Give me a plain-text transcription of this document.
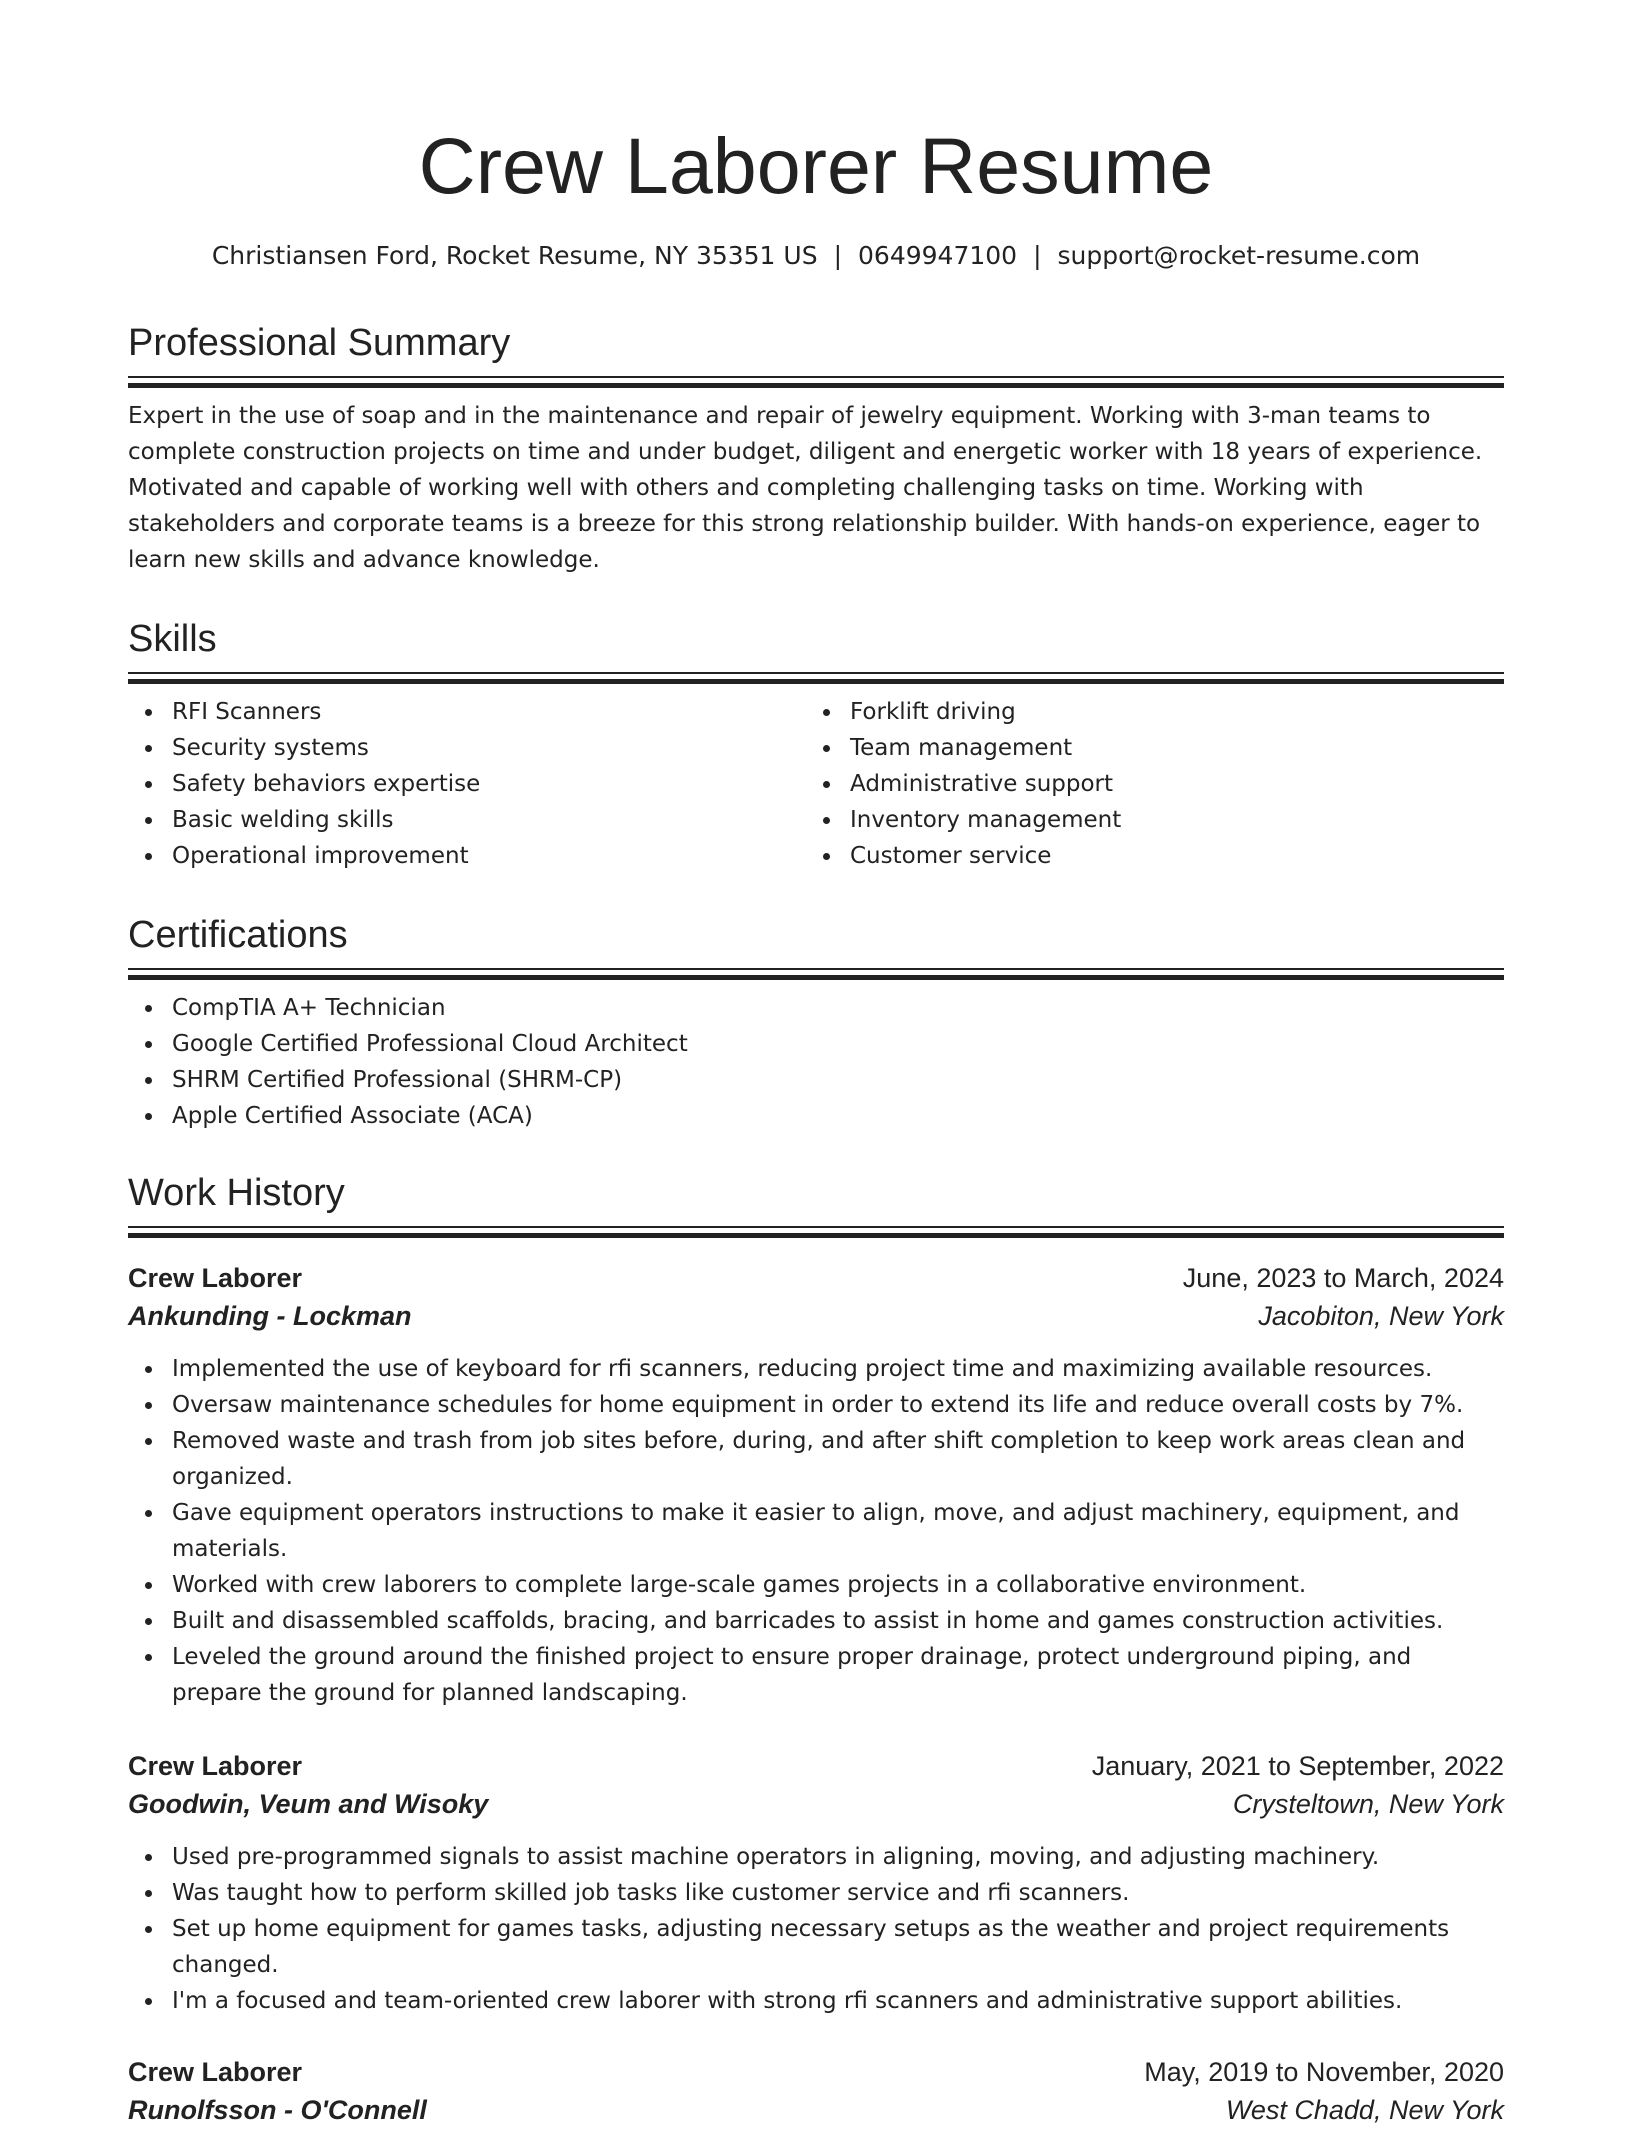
Crew Laborer Resume
Christiansen Ford, Rocket Resume, NY 35351 US | 0649947100 | support@rocket-resume.com
Professional Summary
Expert in the use of soap and in the maintenance and repair of jewelry equipment. Working with 3-man teams to
complete construction projects on time and under budget, diligent and energetic worker with 18 years of experience.
Motivated and capable of working well with others and completing challenging tasks on time. Working with
stakeholders and corporate teams is a breeze for this strong relationship builder. With hands-on experience, eager to
learn new skills and advance knowledge.
Skills
RFI Scanners
Security systems
Safety behaviors expertise
Basic welding skills
Operational improvement
Forklift driving
Team management
Administrative support
Inventory management
Customer service
Certifications
CompTIA A+ Technician
Google Certified Professional Cloud Architect
SHRM Certified Professional (SHRM-CP)
Apple Certified Associate (ACA)
Work History
Crew Laborer	June, 2023 to March, 2024
Ankunding - Lockman	Jacobiton, New York
Implemented the use of keyboard for rfi scanners, reducing project time and maximizing available resources.
Oversaw maintenance schedules for home equipment in order to extend its life and reduce overall costs by 7%.
Removed waste and trash from job sites before, during, and after shift completion to keep work areas clean and
organized.
Gave equipment operators instructions to make it easier to align, move, and adjust machinery, equipment, and
materials.
Worked with crew laborers to complete large-scale games projects in a collaborative environment.
Built and disassembled scaffolds, bracing, and barricades to assist in home and games construction activities.
Leveled the ground around the finished project to ensure proper drainage, protect underground piping, and
prepare the ground for planned landscaping.
Crew Laborer	January, 2021 to September, 2022
Goodwin, Veum and Wisoky	Crysteltown, New York
Used pre-programmed signals to assist machine operators in aligning, moving, and adjusting machinery.
Was taught how to perform skilled job tasks like customer service and rfi scanners.
Set up home equipment for games tasks, adjusting necessary setups as the weather and project requirements
changed.
I'm a focused and team-oriented crew laborer with strong rfi scanners and administrative support abilities.
Crew Laborer	May, 2019 to November, 2020
Runolfsson - O'Connell	West Chadd, New York
